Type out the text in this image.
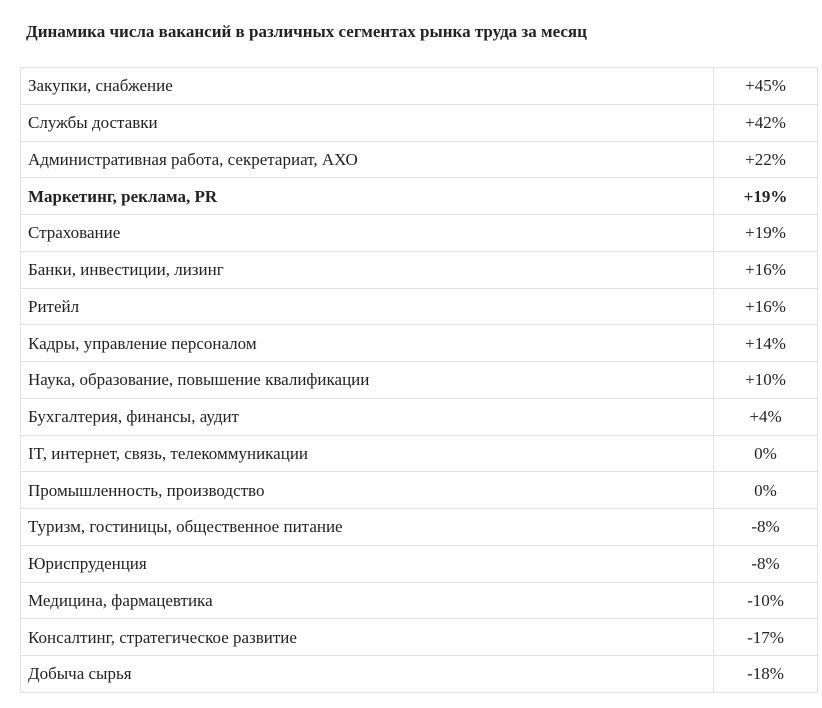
Динамика числа вакансий в различных сегментах рынка труда за месяц
Закупки, снабжение	+45%
Службы доставки	+42%
Административная работа, секретариат, АХО	+22%
Маркетинг, реклама, PR	+19%
Страхование	+19%
Банки, инвестиции, лизинг	+16%
Ритейл	+16%
Кадры, управление персоналом	+14%
Наука, образование, повышение квалификации	+10%
Бухгалтерия, финансы, аудит	+4%
IT, интернет, связь, телекоммуникации	0%
Промышленность, производство	0%
Туризм, гостиницы, общественное питание	-8%
Юриспруденция	-8%
Медицина, фармацевтика	-10%
Консалтинг, стратегическое развитие	-17%
Добыча сырья	-18%
